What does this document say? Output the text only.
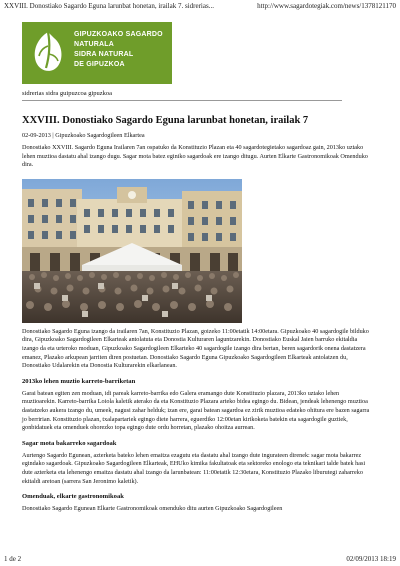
XXVIII. Donostiako Sagardo Eguna larunbat honetan, irailak 7. sidrerias...	http://www.sagardotegiak.com/news/1378121170
GIPUZKOAKO SAGARDO
NATURALA
SIDRA NATURAL
DE GIPUZKOA
sidrerias sidra guipuzcoa gipuzkoa
XXVIII. Donostiako Sagardo Eguna larunbat honetan, irailak 7
02-09-2013 | Gipuzkoako Sagardogileen Elkartea

Donostiako XXVIII. Sagardo Eguna Irailaren 7an ospatuko da Konstituzio Plazan eta 40 sagardotegietako sagardoaz gain, 2013ko uztako lehen muztioa dastatu ahal izango dugu. Sagar mota batez eginiko sagardoak ere izango ditugu. Aurten Elkarte Gastronomikoak Omenduko dira.

Donostiako Sagardo Eguna izango da irailaren 7an, Konstituzio Plazan, goizeko 11:00etatik 14:00etara. Gipuzkoako 40 sagardogile bilduko dira, Gipuzkoako Sagardogileen Elkarteak antolatuta eta Donostia Kulturaren laguntzarekin. Donostiako Euskal Jaien barruko ekitaldia izango da eta urteroko moduan, Gipuzkoako Sagardogileen Elkarteko 40 sagardogile izango dira bertan, beren sagardorik onena dastatzera emanez, Plazako arkupean jarriten diren postuetan. Donostiako Sagardo Eguna Gipuzkoako Sagardogileen Elkarteak antolatzen du, Donostiako Udalarekin eta Donostia Kulturarekin elkarlanean.

2013ko lehen muztio karreto-barriketan

Garai batean egiten zen moduan, idi pareak karreto-barrika edo Galera eramango dute Konstituzio plazara, 2013ko uztako lehen muztioarekin. Karreto-barrika Loiola kaletik aterako da eta Konstituzio Plazara arteko bidea egingo du. Bidean, jendeak lehenengo muztioa dastatzeko aukera izango du, umeek, nagusi zahar helduk; izan ere, garai batean sagardoa ez zirik muztioa edateko ohitura ere bazen sagarra jo berririan. Konstituzio plazan, txalapartariek egingo diete harrera, eguerdiko 12:00etan kirikoketa batekin eta sagardogile guztiek, gonbidatuek eta omenduek ohorezko topa egingo dute ordu horretan, plazako ohoitza aurrean.

Sagar mota bakarreko sagardoak

Aurtengo Sagardo Egunean, azterketa bateko lehen emaitza ezagutu eta dastatu ahal izango dute ingurateen direnek: sagar mota bakarrez egindako sagardoak. Gipuzkoako Sagardogileen Elkarteak, EHUko kimika fakultatoak eta sektoreko enologo eta teknikari talde batek hasi dute azterketa eta lehenengo emaitza dastatu ahal izango da larunbatean: 11:00etatik 12:30etara, Konstituzio Plazako liburutegi zaharreko ekitaldi aretoan (sarrera San Jeronimo kaletik).

Omenduak, elkarte gastronomikoak

Donostiako Sagardo Egunean Elkarte Gastronomikoak omenduko ditu aurten Gipuzkoako Sagardogileen

1 de 2	02/09/2013 18:19
